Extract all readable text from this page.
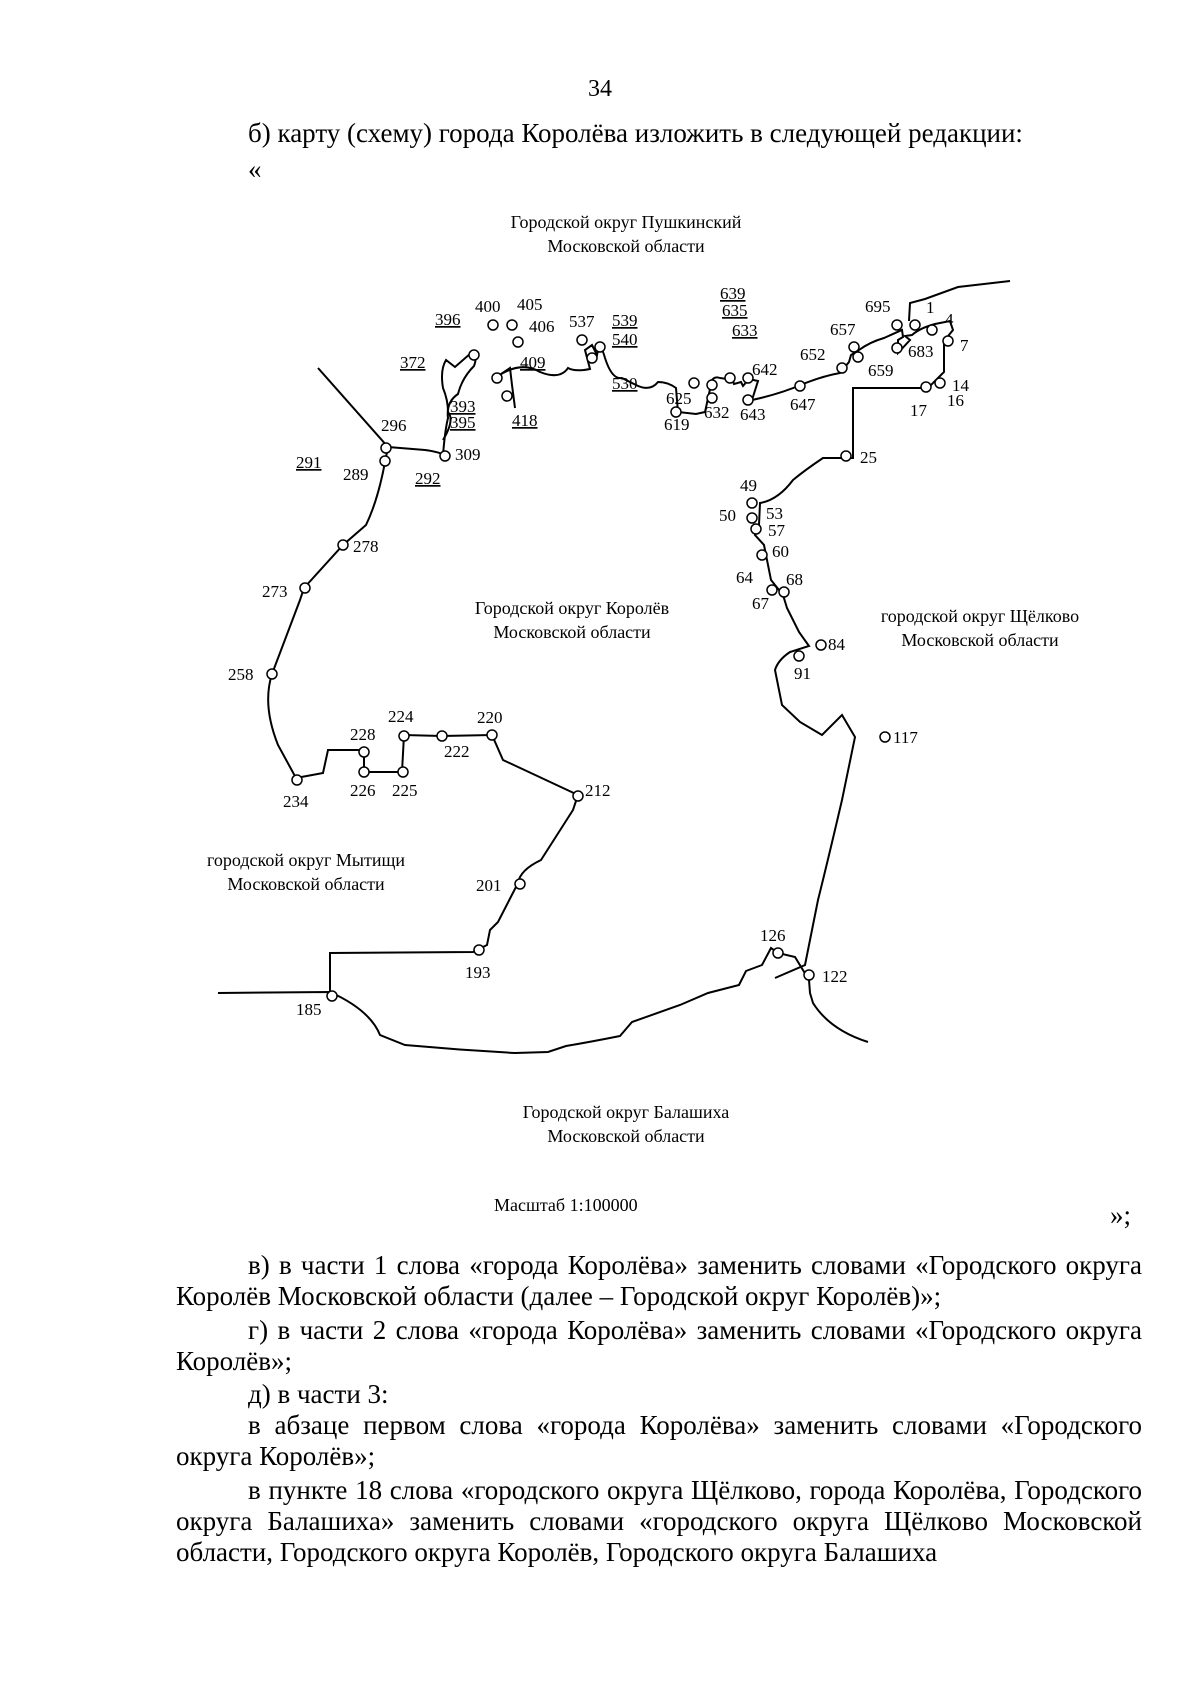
34
б) карту (схему) города Королёва изложить в следующей редакции:
«
Городской округ Пушкинский
Московской области
Городской округ Королёв
Московской области
городской округ Щёлково
Московской области
городской округ Мытищи
Московской области
Городской округ Балашиха
Московской области
1
4
7
14
16
17
25
49
50 53
57
60
64
67
68
84
91
117
122
126
185
193
201
212
220
222
224
225
226
228
234
258
273
278
289
291
292
296
309
372
393
395
396
400 405
406
409
418
530
537 539
540
619
625
632
633
635
639
642
643
647
652
657
659
683
695
Масштаб 1:100000	»;
в) в части 1 слова «города Королёва» заменить словами «Городского округа Королёв Московской области (далее – Городской округ Королёв)»;
г) в части 2 слова «города Королёва» заменить словами «Городского округа Королёв»;
д) в части 3:
в абзаце первом слова «города Королёва» заменить словами «Городского округа Королёв»;
в пункте 18 слова «городского округа Щёлково, города Королёва, Городского округа Балашиха» заменить словами «городского округа Щёлково Московской области, Городского округа Королёв, Городского округа Балашиха
